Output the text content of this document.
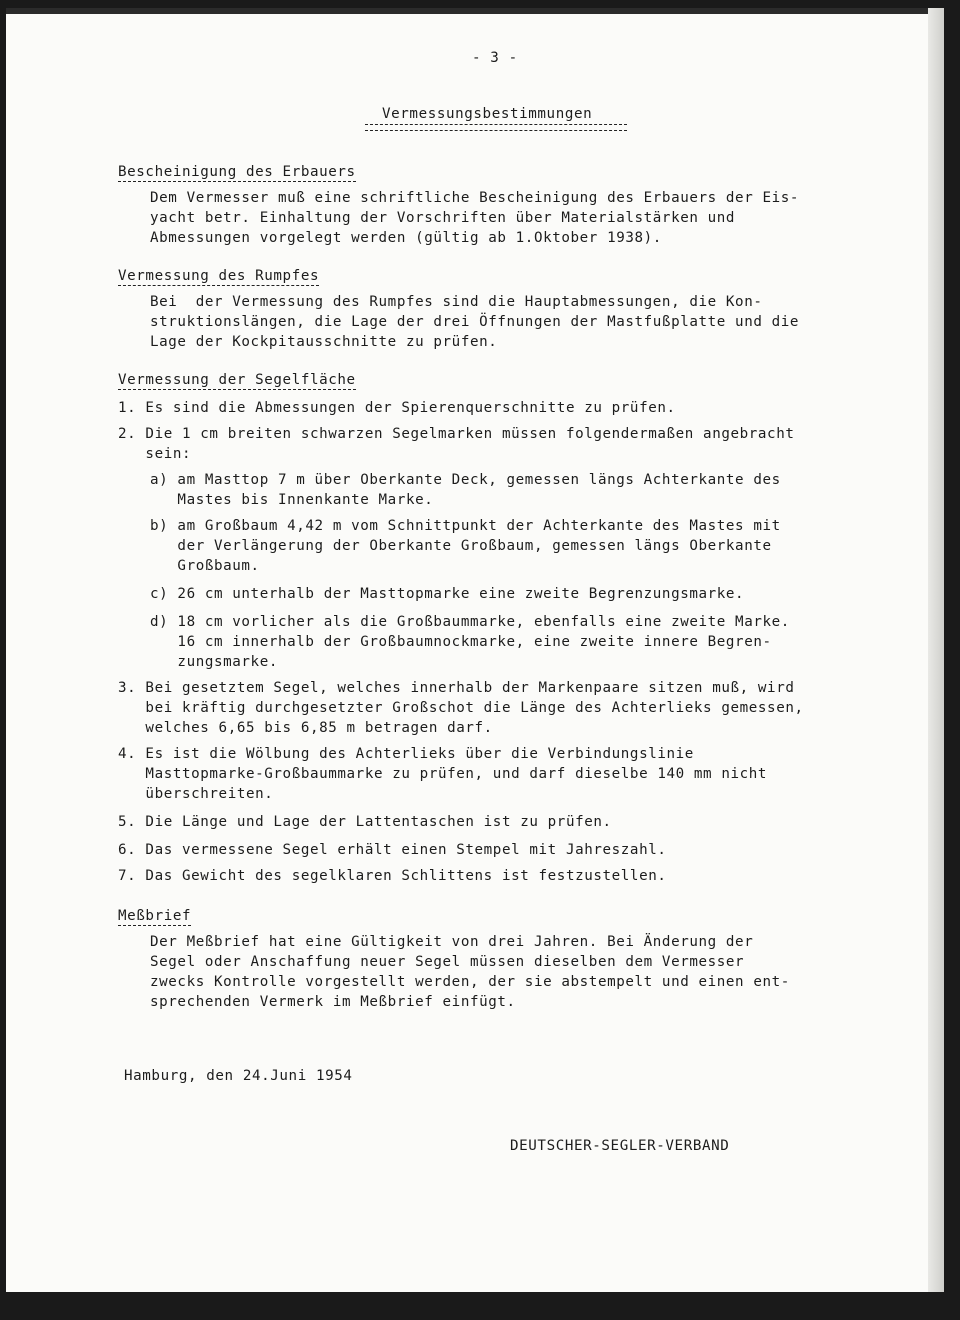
- 3 -
Vermessungsbestimmungen
Bescheinigung des Erbauers
Dem Vermesser muß eine schriftliche Bescheinigung des Erbauers der Eis-
yacht betr. Einhaltung der Vorschriften über Materialstärken und
Abmessungen vorgelegt werden (gültig ab 1.Oktober 1938).
Vermessung des Rumpfes
Bei  der Vermessung des Rumpfes sind die Hauptabmessungen, die Kon-
struktionslängen, die Lage der drei Öffnungen der Mastfußplatte und die
Lage der Kockpitausschnitte zu prüfen.
Vermessung der Segelfläche
1. Es sind die Abmessungen der Spierenquerschnitte zu prüfen.
2. Die 1 cm breiten schwarzen Segelmarken müssen folgendermaßen angebracht
sein:
a) am Masttop 7 m über Oberkante Deck, gemessen längs Achterkante des
Mastes bis Innenkante Marke.
b) am Großbaum 4,42 m vom Schnittpunkt der Achterkante des Mastes mit
der Verlängerung der Oberkante Großbaum, gemessen längs Oberkante
Großbaum.
c) 26 cm unterhalb der Masttopmarke eine zweite Begrenzungsmarke.
d) 18 cm vorlicher als die Großbaummarke, ebenfalls eine zweite Marke.
16 cm innerhalb der Großbaumnockmarke, eine zweite innere Begren-
zungsmarke.
3. Bei gesetztem Segel, welches innerhalb der Markenpaare sitzen muß, wird
bei kräftig durchgesetzter Großschot die Länge des Achterlieks gemessen,
welches 6,65 bis 6,85 m betragen darf.
4. Es ist die Wölbung des Achterlieks über die Verbindungslinie
Masttopmarke-Großbaummarke zu prüfen, und darf dieselbe 140 mm nicht
überschreiten.
5. Die Länge und Lage der Lattentaschen ist zu prüfen.
6. Das vermessene Segel erhält einen Stempel mit Jahreszahl.
7. Das Gewicht des segelklaren Schlittens ist festzustellen.
Meßbrief
Der Meßbrief hat eine Gültigkeit von drei Jahren. Bei Änderung der
Segel oder Anschaffung neuer Segel müssen dieselben dem Vermesser
zwecks Kontrolle vorgestellt werden, der sie abstempelt und einen ent-
sprechenden Vermerk im Meßbrief einfügt.
Hamburg, den 24.Juni 1954
DEUTSCHER-SEGLER-VERBAND
